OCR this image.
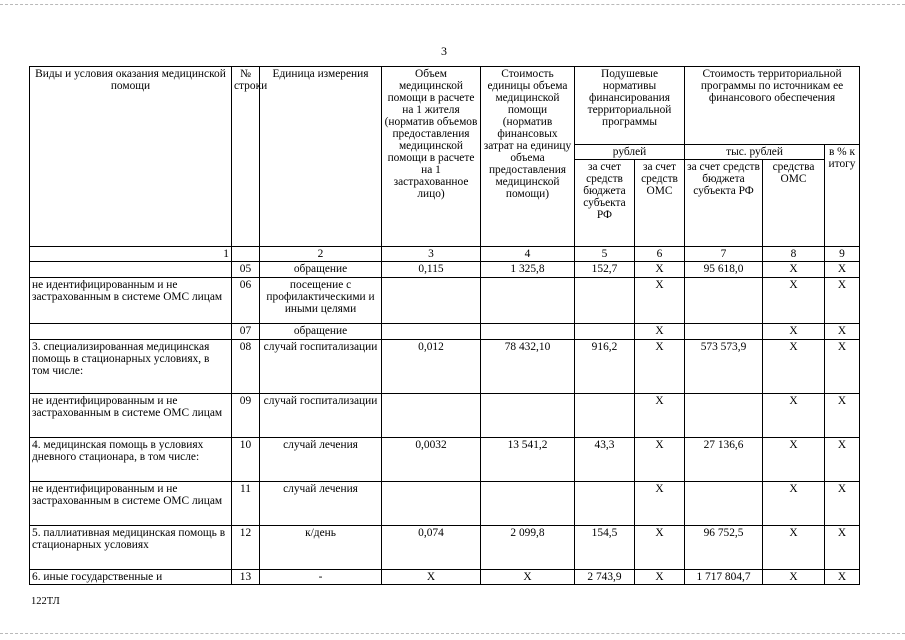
3
Виды и условия оказания медицинской помощи	№ строки	Единица измерения	Объем медицинской помощи в расчете на 1 жителя (норматив объемов предоставления медицинской помощи в расчете на 1 застрахованное лицо)	Стоимость единицы объема медицинской помощи (норматив финансовых затрат на единицу объема предоставления медицинской помощи)	Подушевые нормативы финансирования территориальной программы		Стоимость территориальной программы по источникам ее финансового обеспечения		
					рублей		тыс. рублей		в % к итогу
					за счет средств бюджета субъекта РФ	за счет средств ОМС	за счет средств бюджета субъекта РФ	средства ОМС	
1		2	3	4	5	6	7	8	9
	05	обращение	0,115	1 325,8	152,7	X	95 618,0	X	X
не идентифицированным и не застрахованным в системе ОМС лицам	06	посещение с профилактическими и иными целями				X		X	X
	07	обращение				X		X	X
3. специализированная медицинская помощь в стационарных условиях, в том числе:	08	случай госпитализации	0,012	78 432,10	916,2	X	573 573,9	X	X
не идентифицированным и не застрахованным в системе ОМС лицам	09	случай госпитализации				X		X	X
4. медицинская помощь в условиях дневного стационара, в том числе:	10	случай лечения	0,0032	13 541,2	43,3	X	27 136,6	X	X
не идентифицированным и не застрахованным в системе ОМС лицам	11	случай лечения				X		X	X
5. паллиативная медицинская помощь в стационарных условиях	12	к/день	0,074	2 099,8	154,5	X	96 752,5	X	X
6. иные государственные и	13	-	X	X	2 743,9	X	1 717 804,7	X	X
122ТЛ
